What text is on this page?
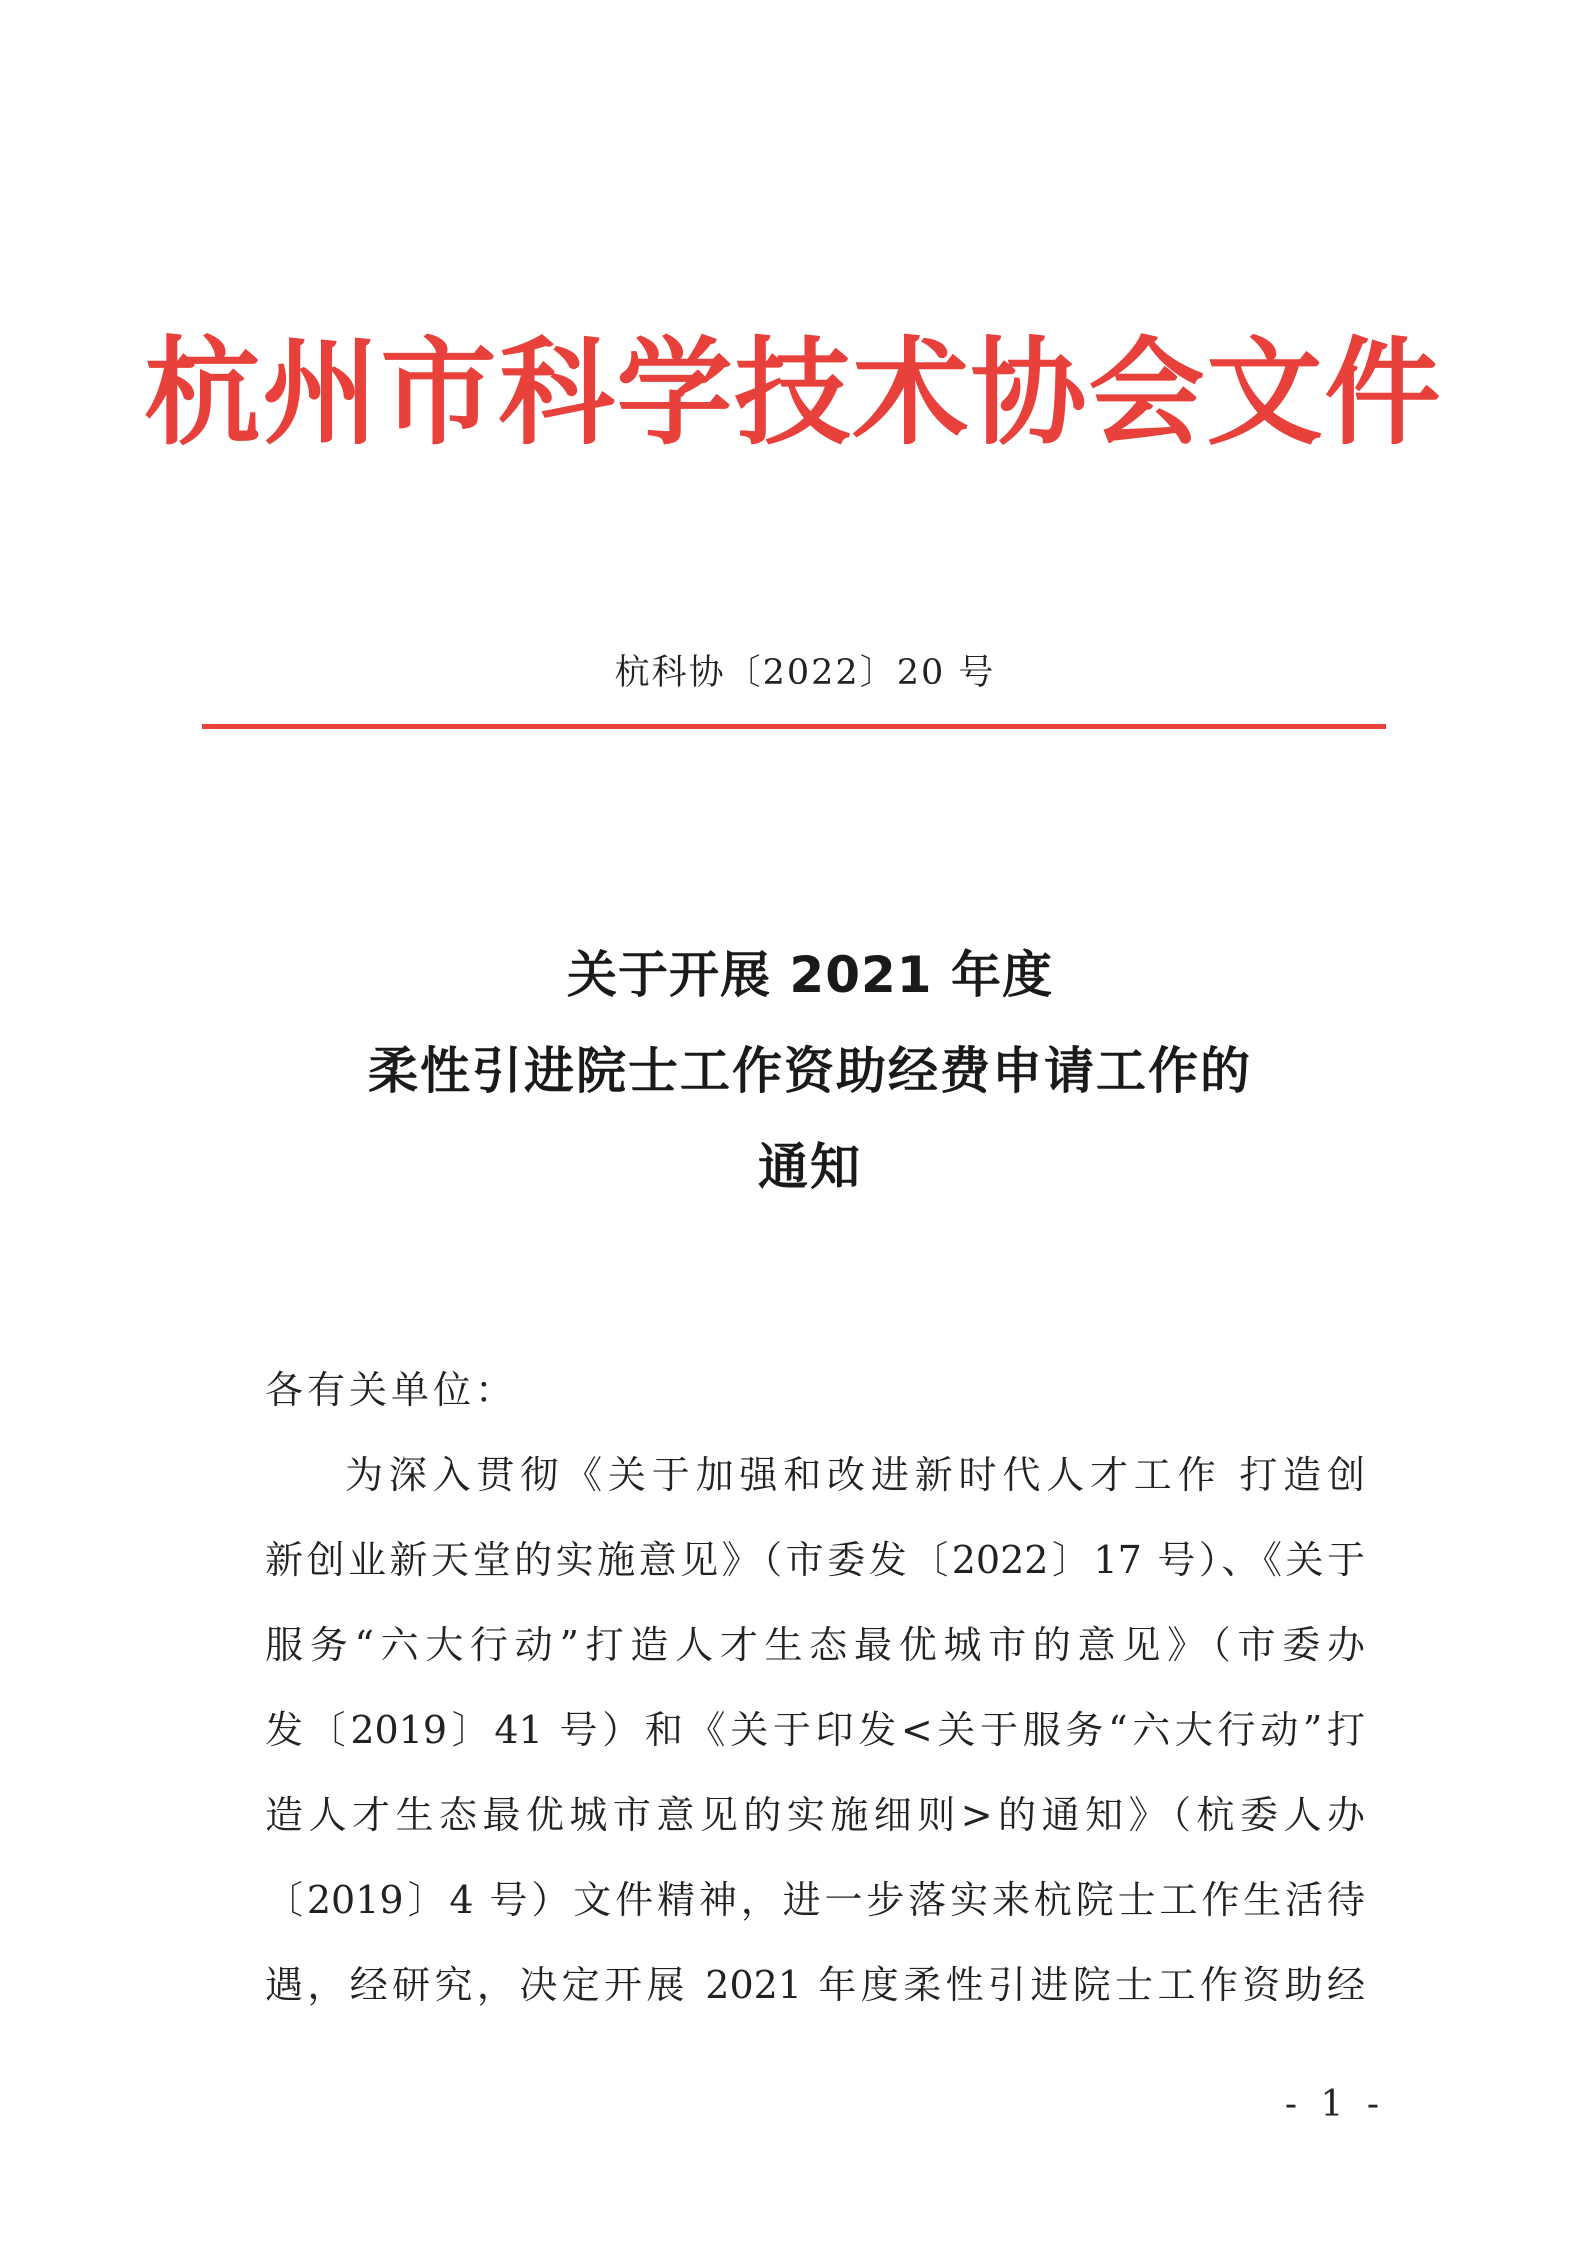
杭州市科学技术协会文件
杭科协〔2022〕20 号
关于开展 2021 年度
柔性引进院士工作资助经费申请工作的
通知
各有关单位：
为深入贯彻《关于加强和改进新时代人才工作 打造创
新创业新天堂的实施意见》（市委发〔2022〕17 号）、《关于
服务“六大行动”打造人才生态最优城市的意见》（市委办
发〔2019〕41 号）和《关于印发<关于服务“六大行动”打
造人才生态最优城市意见的实施细则>的通知》（杭委人办
〔2019〕4 号）文件精神，进一步落实来杭院士工作生活待
遇，经研究，决定开展 2021 年度柔性引进院士工作资助经
- 1 -
